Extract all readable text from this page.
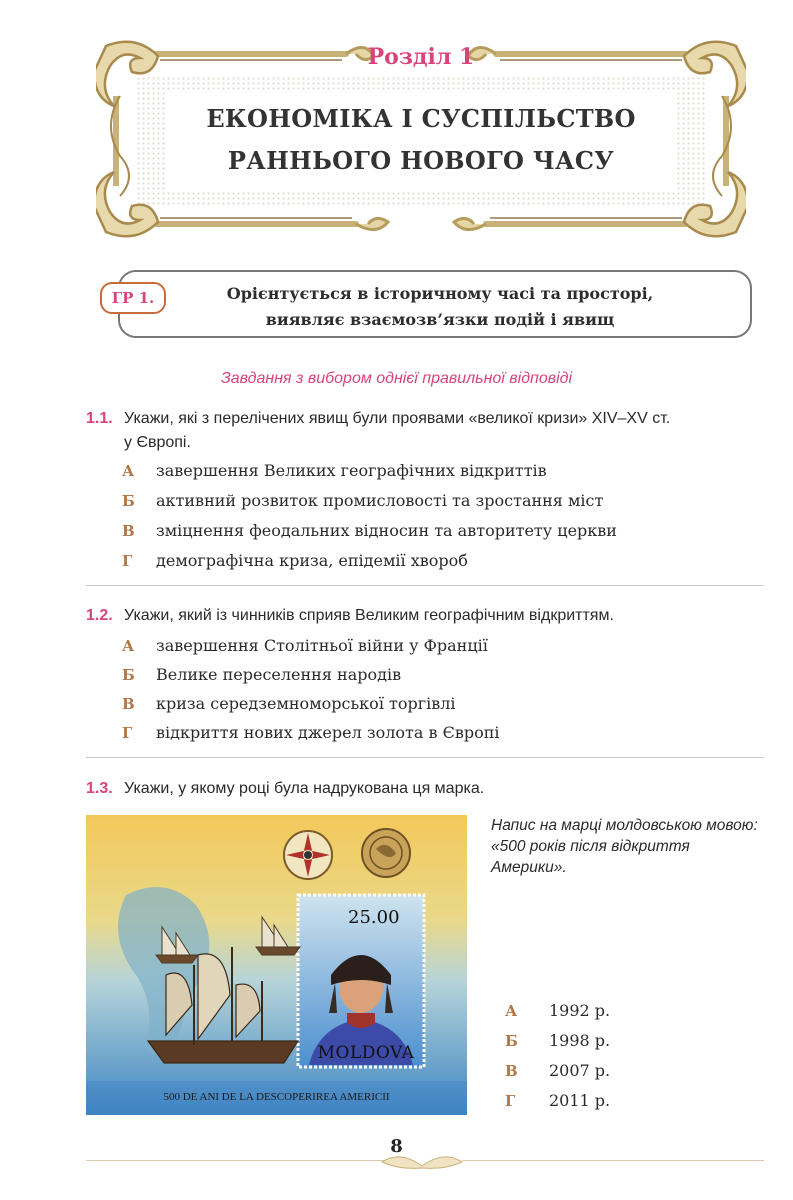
Розділ 1
ЕКОНОМІКА І СУСПІЛЬСТВО
РАННЬОГО НОВОГО ЧАСУ
ГР 1.	Орієнтується в історичному часі та просторі,
виявляє взаємозв’язки подій і явищ
Завдання з вибором однієї правильної відповіді
1.1. Укажи, які з перелічених явищ були проявами «великої кризи» XIV–XV ст.
у Європі.
А завершення Великих географічних відкриттів
Б активний розвиток промисловості та зростання міст
В зміцнення феодальних відносин та авторитету церкви
Г демографічна криза, епідемії хвороб
1.2. Укажи, який із чинників сприяв Великим географічним відкриттям.
А завершення Столітньої війни у Франції
Б Велике переселення народів
В криза середземноморської торгівлі
Г відкриття нових джерел золота в Європі
1.3. Укажи, у якому році була надрукована ця марка.
25.00
MOLDOVA
500 DE ANI DE LA DESCOPERIREA AMERICII
Напис на марці молдовською мовою: «500 років після відкриття Америки».
А 1992 р.
Б 1998 р.
В 2007 р.
Г 2011 р.
8
